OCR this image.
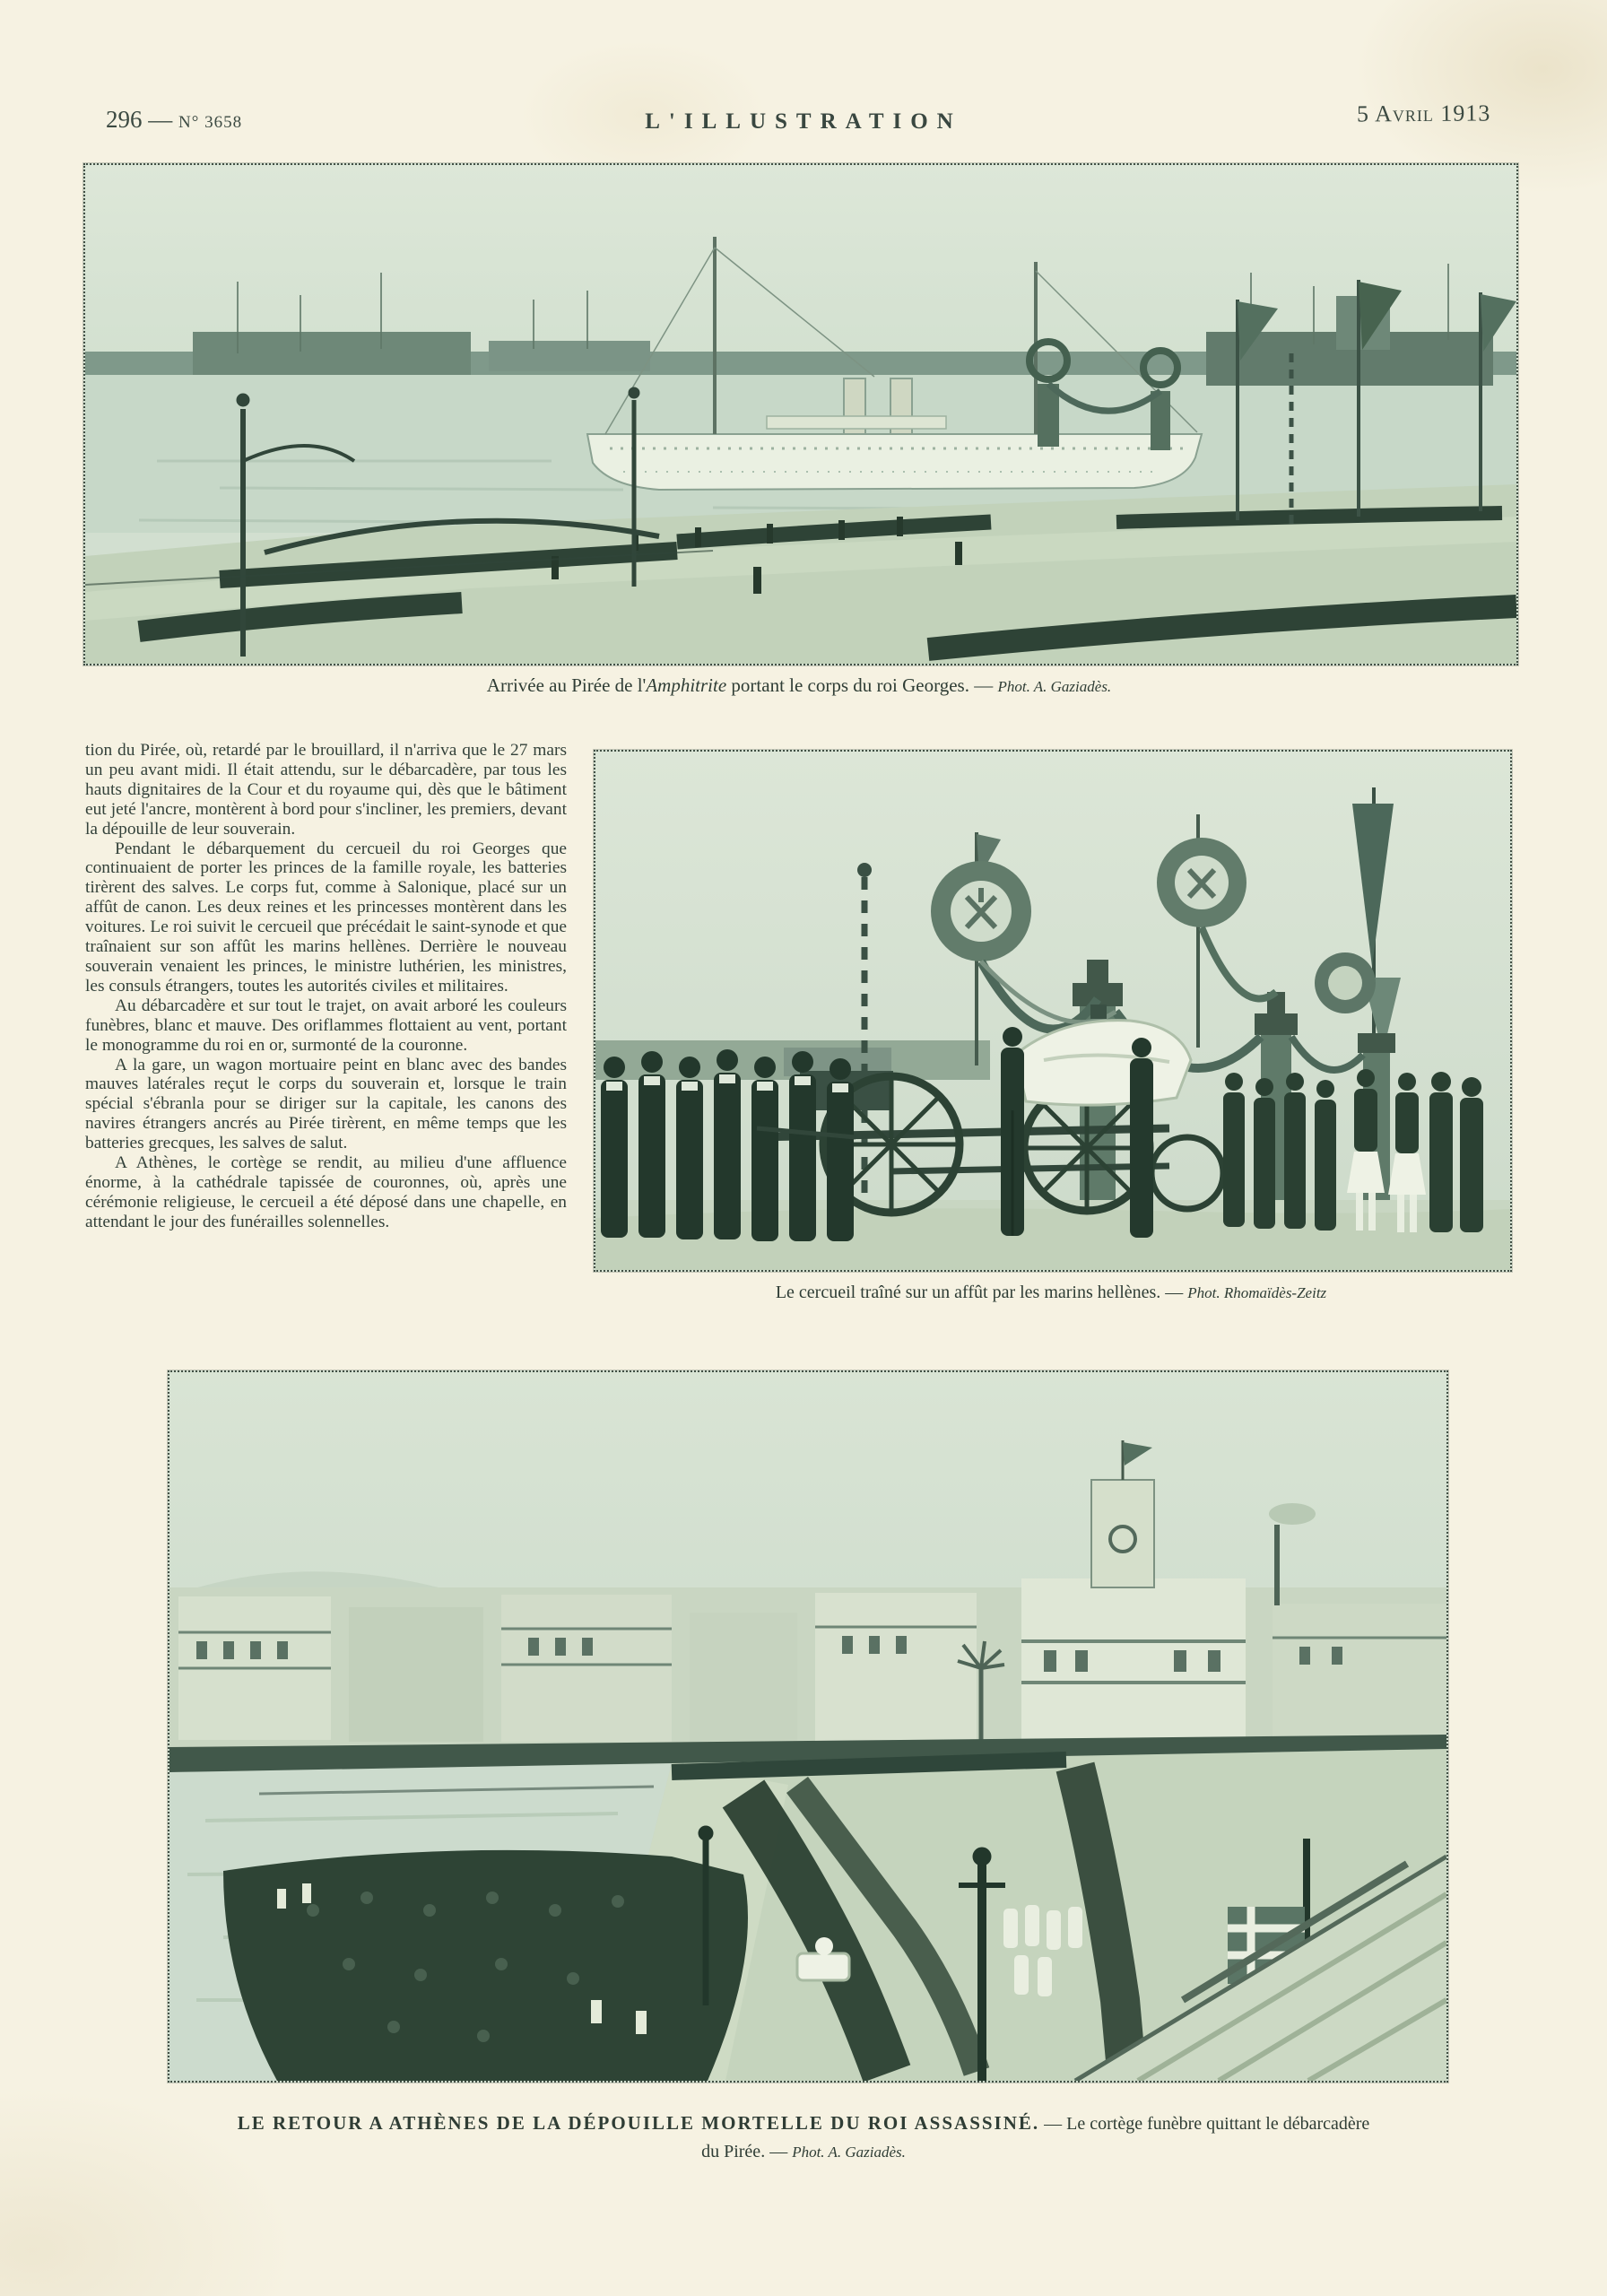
296 — N° 3658	L'ILLUSTRATION	5 Avril 1913
Arrivée au Pirée de l'Amphitrite portant le corps du roi Georges. — Phot. A. Gaziadès.

tion du Pirée, où, retardé par le brouillard, il n'arriva que le 27 mars un peu avant midi. Il était attendu, sur le débarcadère, par tous les hauts dignitaires de la Cour et du royaume qui, dès que le bâtiment eut jeté l'ancre, montèrent à bord pour s'incliner, les premiers, devant la dépouille de leur souverain.

Pendant le débarquement du cercueil du roi Georges que continuaient de porter les princes de la famille royale, les batteries tirèrent des salves. Le corps fut, comme à Salonique, placé sur un affût de canon. Les deux reines et les princesses montèrent dans les voitures. Le roi suivit le cercueil que précédait le saint-synode et que traînaient sur son affût les marins hellènes. Derrière le nouveau souverain venaient les princes, le ministre luthérien, les ministres, les consuls étrangers, toutes les autorités civiles et militaires.

Au débarcadère et sur tout le trajet, on avait arboré les couleurs funèbres, blanc et mauve. Des oriflammes flottaient au vent, portant le monogramme du roi en or, surmonté de la couronne.

A la gare, un wagon mortuaire peint en blanc avec des bandes mauves latérales reçut le corps du souverain et, lorsque le train spécial s'ébranla pour se diriger sur la capitale, les canons des navires étrangers ancrés au Pirée tirèrent, en même temps que les batteries grecques, les salves de salut.

A Athènes, le cortège se rendit, au milieu d'une affluence énorme, à la cathédrale tapissée de couronnes, où, après une cérémonie religieuse, le cercueil a été déposé dans une chapelle, en attendant le jour des funérailles solennelles.

Le cercueil traîné sur un affût par les marins hellènes. — Phot. Rhomaïdès-Zeitz
LE RETOUR A ATHÈNES DE LA DÉPOUILLE MORTELLE DU ROI ASSASSINÉ. — Le cortège funèbre quittant le débarcadère
du Pirée. — Phot. A. Gaziadès.
